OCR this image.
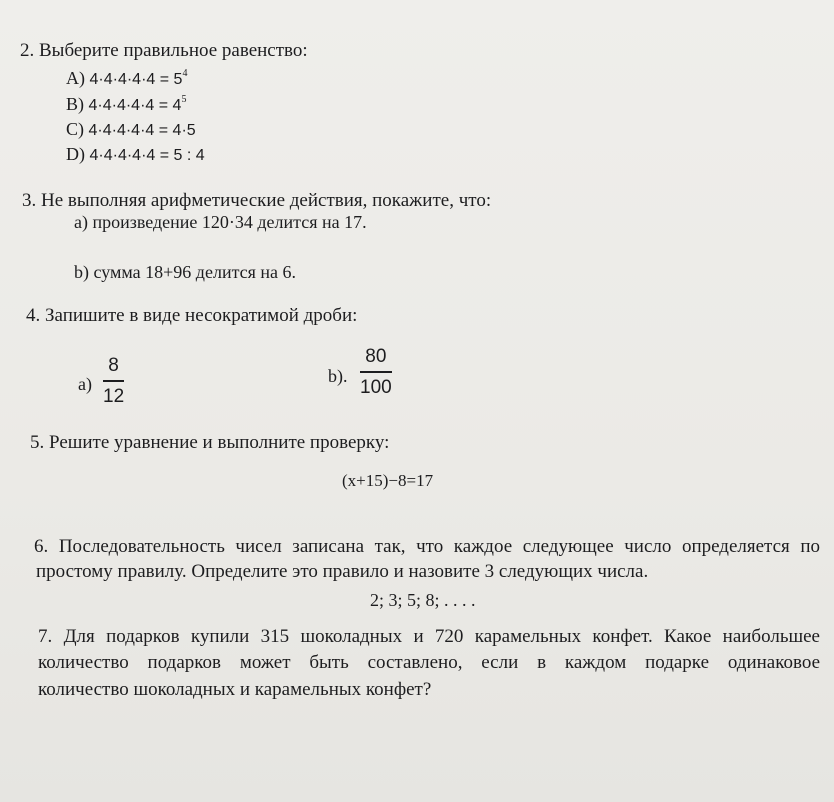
2. Выберите правильное равенство:
A) $4\cdot 4\cdot 4\cdot 4\cdot 4 = 5^4$
B) $4\cdot 4\cdot 4\cdot 4\cdot 4 = 4^5$
C) 4·4·4·4·4 = 4·5
D) 4·4·4·4·4 = 5 : 4
3. Не выполняя арифметические действия, покажите, что:
a) произведение 120·34 делится на 17.
b) сумма 18+96 делится на 6.
4. Запишите в виде несократимой дроби:
a)
8
12
b).
80
100
5. Решите уравнение и выполните проверку:
(x+15)−8=17
6. Последовательность чисел записана так, что каждое следующее число определяется по
простому правилу. Определите это правило и назовите 3 следующих числа.
2; 3; 5; 8; . . . .
7. Для подарков купили 315 шоколадных и 720 карамельных конфет. Какое наибольшее
количество подарков может быть составлено, если в каждом подарке одинаковое
количество шоколадных и карамельных конфет?
